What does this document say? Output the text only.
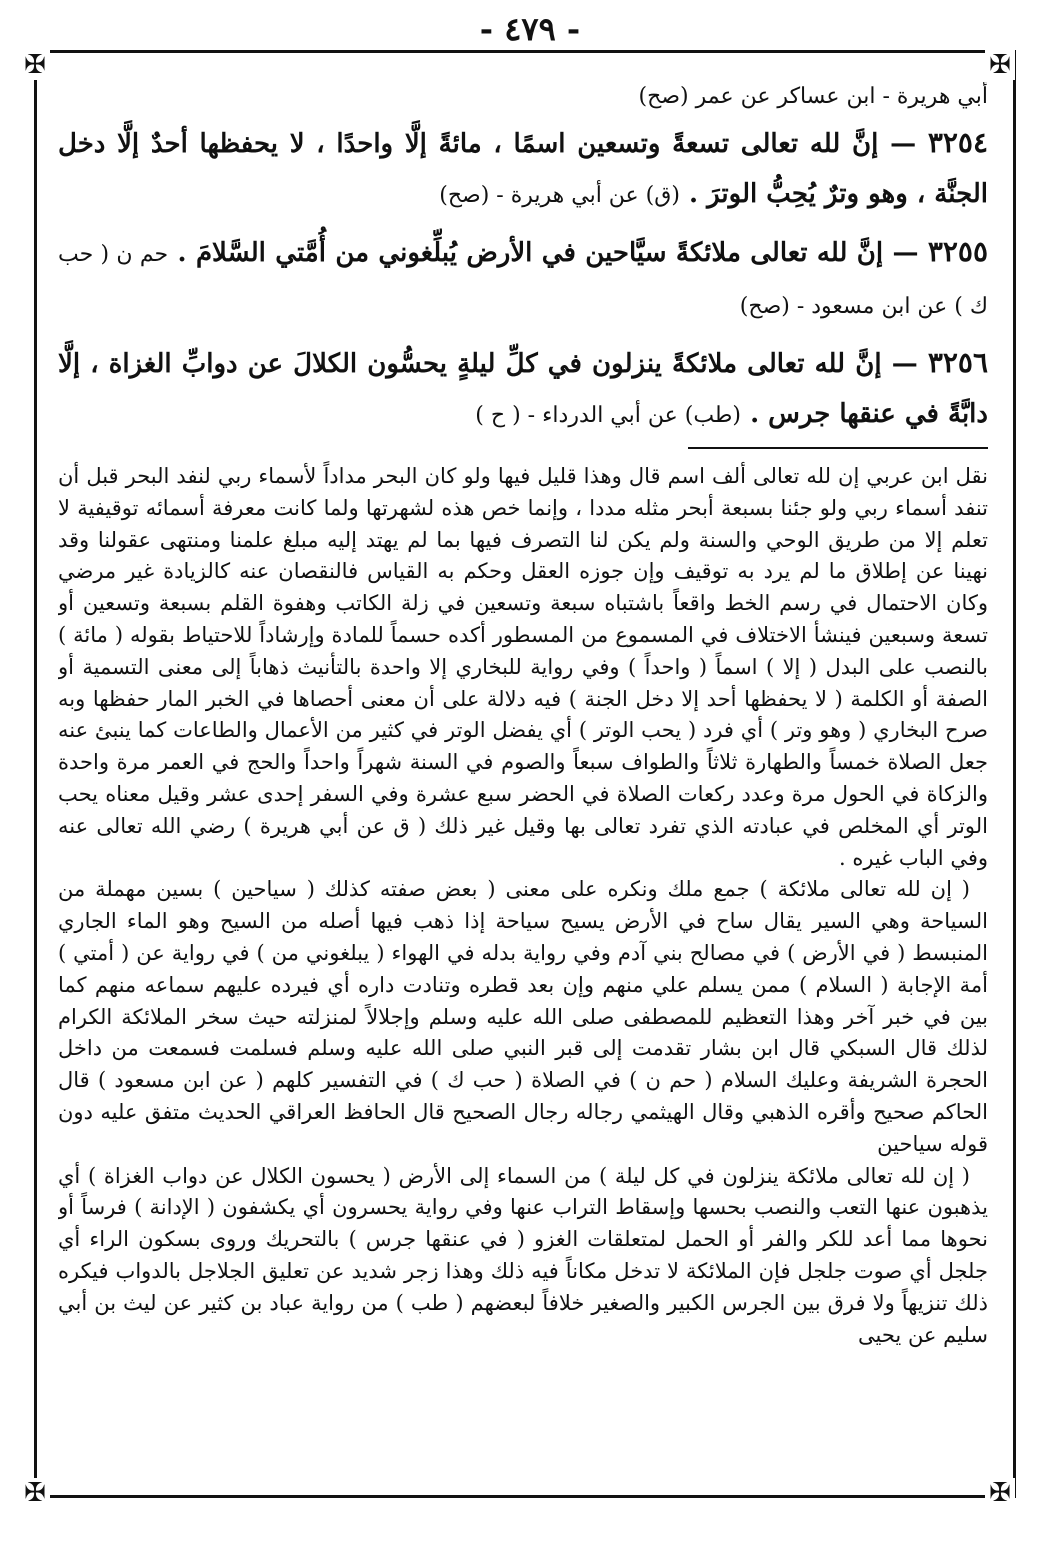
✠	✠
✠	✠
- ٤٧٩ -

أبي هريرة - ابن عساكر عن عمر (صح)

٣٢٥٤ — إنَّ لله تعالى تسعةً وتسعين اسمًا ، مائةً إلَّا واحدًا ، لا يحفظها أحدٌ إلَّا دخل الجنَّة ، وهو وترٌ يُحِبُّ الوترَ . (ق) عن أبي هريرة - (صح)

٣٢٥٥ — إنَّ لله تعالى ملائكةً سيَّاحين في الأرض يُبلِّغوني من أُمَّتي السَّلامَ . حم ن ( حب ك ) عن ابن مسعود - (صح)

٣٢٥٦ — إنَّ لله تعالى ملائكةً ينزلون في كلِّ ليلةٍ يحسُّون الكلالَ عن دوابِّ الغزاة ، إلَّا دابَّةً في عنقها جرس . (طب) عن أبي الدرداء - ( ح )

نقل ابن عربي إن لله تعالى ألف اسم قال وهذا قليل فيها ولو كان البحر مداداً لأسماء ربي لنفد البحر قبل أن تنفد أسماء ربي ولو جئنا بسبعة أبحر مثله مددا ، وإنما خص هذه لشهرتها ولما كانت معرفة أسمائه توقيفية لا تعلم إلا من طريق الوحي والسنة ولم يكن لنا التصرف فيها بما لم يهتد إليه مبلغ علمنا ومنتهى عقولنا وقد نهينا عن إطلاق ما لم يرد به توقيف وإن جوزه العقل وحكم به القياس فالنقصان عنه كالزيادة غير مرضي وكان الاحتمال في رسم الخط واقعاً باشتباه سبعة وتسعين في زلة الكاتب وهفوة القلم بسبعة وتسعين أو تسعة وسبعين فينشأ الاختلاف في المسموع من المسطور أكده حسماً للمادة وإرشاداً للاحتياط بقوله ( مائة ) بالنصب على البدل ( إلا ) اسماً ( واحداً ) وفي رواية للبخاري إلا واحدة بالتأنيث ذهاباً إلى معنى التسمية أو الصفة أو الكلمة ( لا يحفظها أحد إلا دخل الجنة ) فيه دلالة على أن معنى أحصاها في الخبر المار حفظها وبه صرح البخاري ( وهو وتر ) أي فرد ( يحب الوتر ) أي يفضل الوتر في كثير من الأعمال والطاعات كما ينبئ عنه جعل الصلاة خمساً والطهارة ثلاثاً والطواف سبعاً والصوم في السنة شهراً واحداً والحج في العمر مرة واحدة والزكاة في الحول مرة وعدد ركعات الصلاة في الحضر سبع عشرة وفي السفر إحدى عشر وقيل معناه يحب الوتر أي المخلص في عبادته الذي تفرد تعالى بها وقيل غير ذلك ( ق عن أبي هريرة ) رضي الله تعالى عنه وفي الباب غيره .

( إن لله تعالى ملائكة ) جمع ملك ونكره على معنى ( بعض صفته كذلك ( سياحين ) بسين مهملة من السياحة وهي السير يقال ساح في الأرض يسيح سياحة إذا ذهب فيها أصله من السيح وهو الماء الجاري المنبسط ( في الأرض ) في مصالح بني آدم وفي رواية بدله في الهواء ( يبلغوني من ) في رواية عن ( أمتي ) أمة الإجابة ( السلام ) ممن يسلم علي منهم وإن بعد قطره وتنادت داره أي فيرده عليهم سماعه منهم كما بين في خبر آخر وهذا التعظيم للمصطفى صلى الله عليه وسلم وإجلالاً لمنزلته حيث سخر الملائكة الكرام لذلك قال السبكي قال ابن بشار تقدمت إلى قبر النبي صلى الله عليه وسلم فسلمت فسمعت من داخل الحجرة الشريفة وعليك السلام ( حم ن ) في الصلاة ( حب ك ) في التفسير كلهم ( عن ابن مسعود ) قال الحاكم صحيح وأقره الذهبي وقال الهيثمي رجاله رجال الصحيح قال الحافظ العراقي الحديث متفق عليه دون قوله سياحين

( إن لله تعالى ملائكة ينزلون في كل ليلة ) من السماء إلى الأرض ( يحسون الكلال عن دواب الغزاة ) أي يذهبون عنها التعب والنصب بحسها وإسقاط التراب عنها وفي رواية يحسرون أي يكشفون ( الإدانة ) فرساً أو نحوها مما أعد للكر والفر أو الحمل لمتعلقات الغزو ( في عنقها جرس ) بالتحريك وروى بسكون الراء أي جلجل أي صوت جلجل فإن الملائكة لا تدخل مكاناً فيه ذلك وهذا زجر شديد عن تعليق الجلاجل بالدواب فيكره ذلك تنزيهاً ولا فرق بين الجرس الكبير والصغير خلافاً لبعضهم ( طب ) من رواية عباد بن كثير عن ليث بن أبي سليم عن يحيى
